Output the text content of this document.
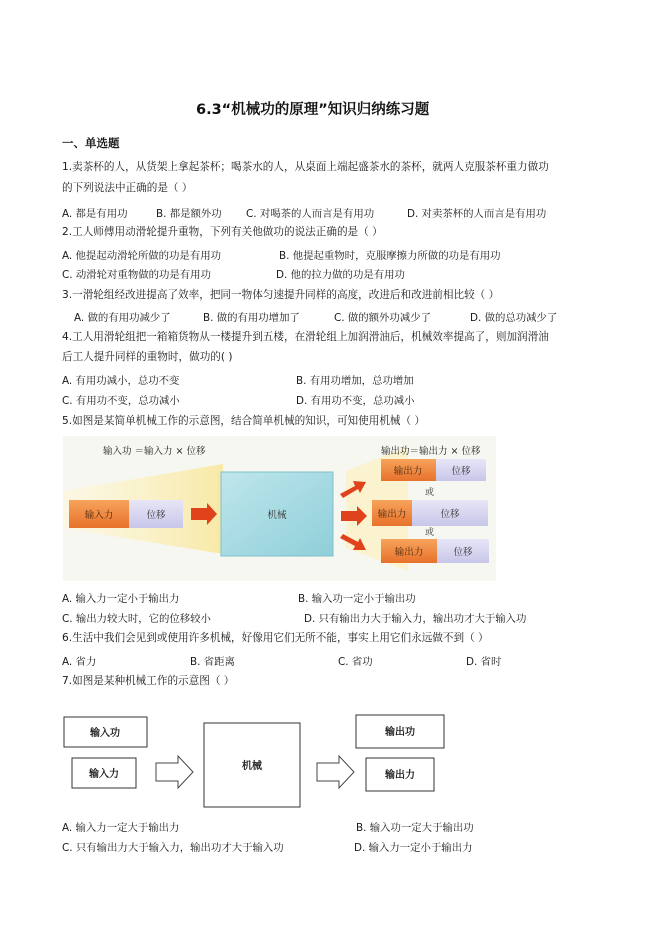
6.3“机械功的原理”知识归纳练习题
一、单选题
1.卖茶杯的人，从货架上拿起茶杯；喝茶水的人，从桌面上端起盛茶水的茶杯，就两人克服茶杯重力做功
的下列说法中正确的是（ ）
A. 都是有用功	B. 都是额外功 C. 对喝茶的人而言是有用功	D. 对卖茶杯的人而言是有用功
2.工人师傅用动滑轮提升重物，下列有关他做功的说法正确的是（ ）
A. 他提起动滑轮所做的功是有用功	B. 他提起重物时，克服摩擦力所做的功是有用功
C. 动滑轮对重物做的功是有用功	D. 他的拉力做的功是有用功
3.一滑轮组经改进提高了效率，把同一物体匀速提升同样的高度，改进后和改进前相比较（ ）
A. 做的有用功减少了	B. 做的有用功增加了	C. 做的额外功减少了	D. 做的总功减少了
4.工人用滑轮组把一箱箱货物从一楼提升到五楼，在滑轮组上加润滑油后，机械效率提高了，则加润滑油
后工人提升同样的重物时，做功的( )
A. 有用功减小，总功不变	B. 有用功增加，总功增加
C. 有用功不变，总功减小	D. 有用功不变，总功减小
5.如图是某简单机械工作的示意图，结合简单机械的知识，可知使用机械（ ）
输入力	位移	机械
输入功 ＝输入力 × 位移	输出功＝输出力 × 位移
输出力	位移
或
输出力	位移
或
输出力	位移
A. 输入力一定小于输出力	B. 输入功一定小于输出功
C. 输出力较大时，它的位移较小	D. 只有输出力大于输入力，输出功才大于输入功
6.生活中我们会见到或使用许多机械，好像用它们无所不能，事实上用它们永远做不到（ ）
A. 省力	B. 省距离	C. 省功	D. 省时
7.如图是某种机械工作的示意图（ ）
输入功
输入力
机械
输出功
输出力
A. 输入力一定大于输出力	B. 输入功一定大于输出功
C. 只有输出力大于输入力，输出功才大于输入功	D. 输入力一定小于输出力
